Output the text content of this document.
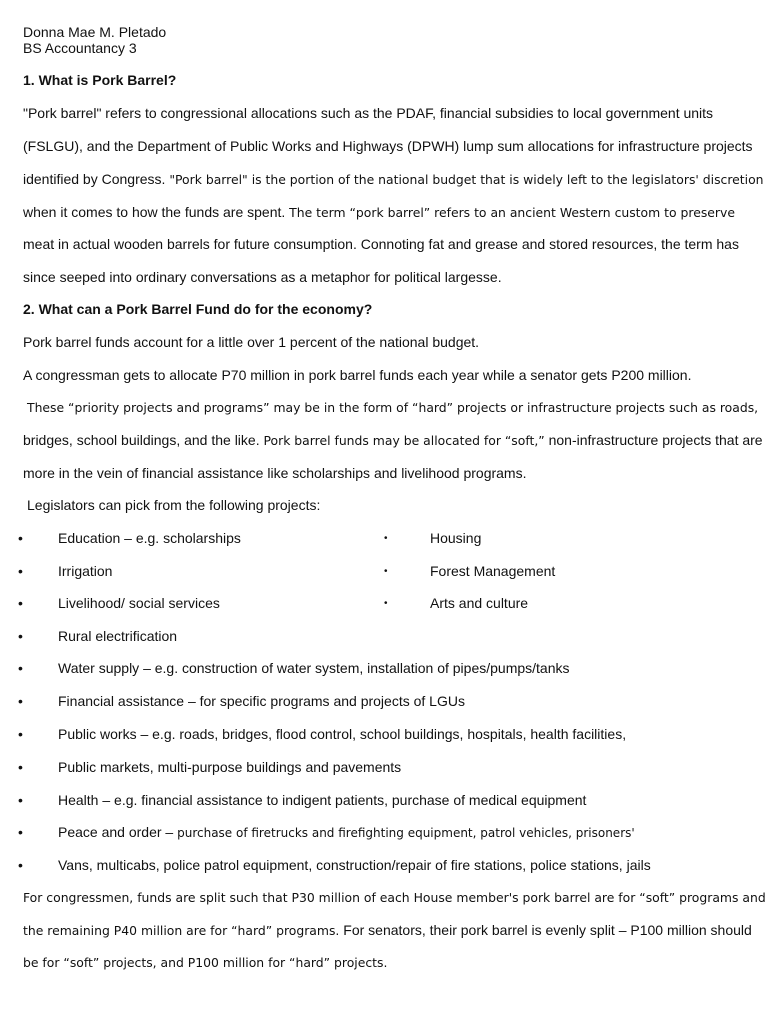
Donna Mae M. Pletado
BS Accountancy 3
1. What is Pork Barrel?
"Pork barrel" refers to congressional allocations such as the PDAF, financial subsidies to local government units
(FSLGU), and the Department of Public Works and Highways (DPWH) lump sum allocations for infrastructure projects
identified by Congress. "Pork barrel" is the portion of the national budget that is widely left to the legislators' discretion
when it comes to how the funds are spent. The term “pork barrel” refers to an ancient Western custom to preserve
meat in actual wooden barrels for future consumption. Connoting fat and grease and stored resources, the term has
since seeped into ordinary conversations as a metaphor for political largesse.
2. What can a Pork Barrel Fund do for the economy?
Pork barrel funds account for a little over 1 percent of the national budget.
A congressman gets to allocate P70 million in pork barrel funds each year while a senator gets P200 million.
These “priority projects and programs” may be in the form of “hard” projects or infrastructure projects such as roads,
bridges, school buildings, and the like. Pork barrel funds may be allocated for “soft,” non-infrastructure projects that are
more in the vein of financial assistance like scholarships and livelihood programs.
Legislators can pick from the following projects:
•	Education – e.g. scholarships
•	Irrigation
•	Livelihood/ social services
•	Rural electrification
•	Water supply – e.g. construction of water system, installation of pipes/pumps/tanks
•	Financial assistance – for specific programs and projects of LGUs
•	Public works – e.g. roads, bridges, flood control, school buildings, hospitals, health facilities,
•	Public markets, multi-purpose buildings and pavements
•	Health – e.g. financial assistance to indigent patients, purchase of medical equipment
•	Peace and order – purchase of firetrucks and firefighting equipment, patrol vehicles, prisoners'
•	Vans, multicabs, police patrol equipment, construction/repair of fire stations, police stations, jails
•	Housing
•	Forest Management
•	Arts and culture
For congressmen, funds are split such that P30 million of each House member's pork barrel are for “soft” programs and
the remaining P40 million are for “hard” programs. For senators, their pork barrel is evenly split – P100 million should
be for “soft” projects, and P100 million for “hard” projects.
